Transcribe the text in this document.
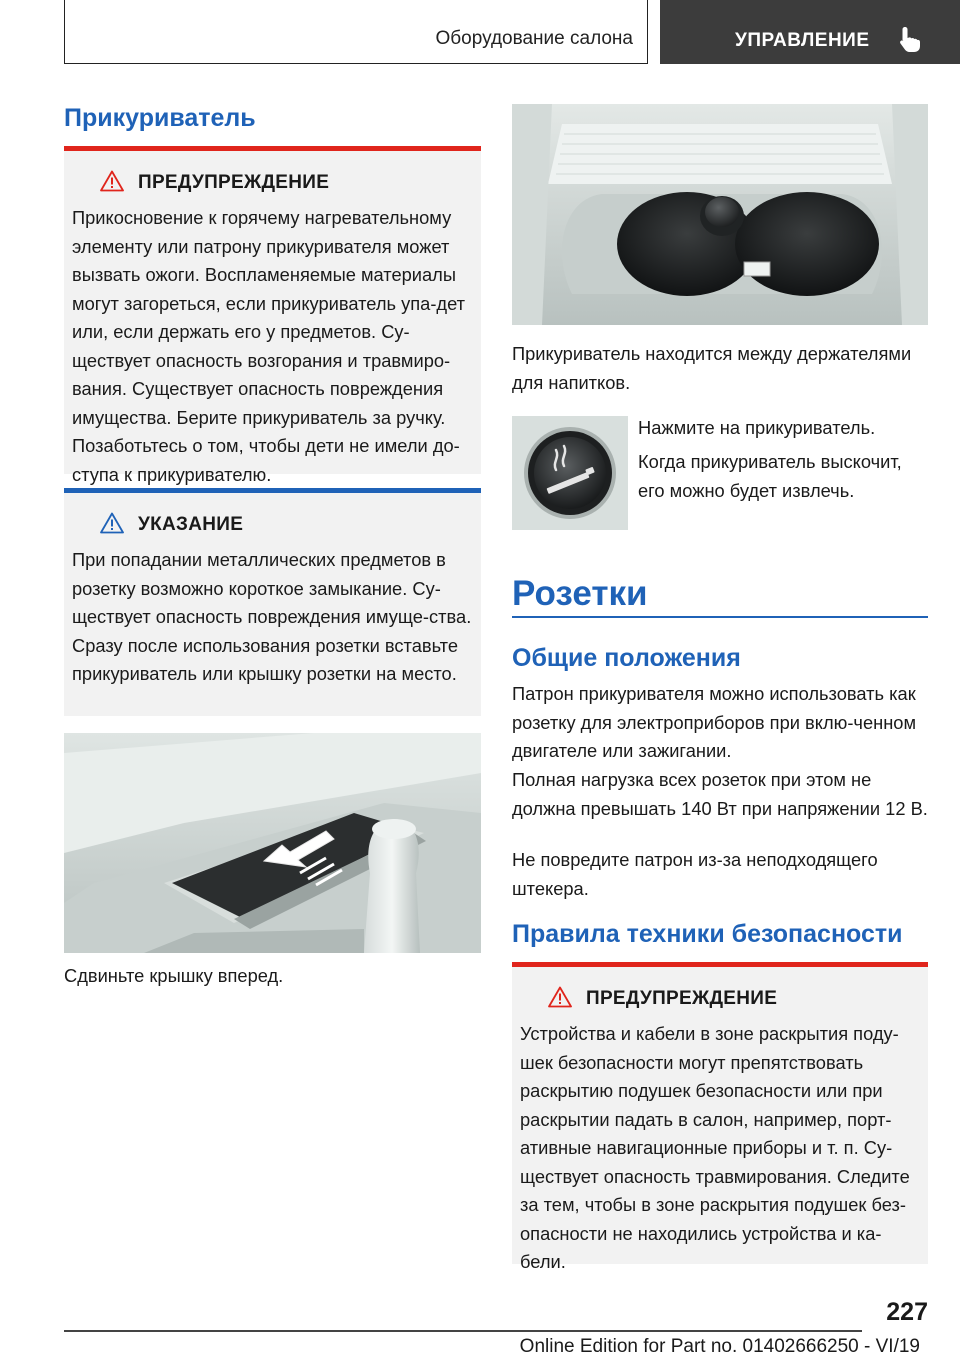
Оборудование салона	УПРАВЛЕНИЕ
Прикуриватель
ПРЕДУПРЕЖДЕНИЕ
Прикосновение к горячему нагревательному элементу или патрону прикуривателя может вызвать ожоги. Воспламеняемые материалы могут загореться, если прикуриватель упа-дет или, если держать его у предметов. Су-ществует опасность возгорания и травмиро-вания. Существует опасность повреждения имущества. Берите прикуриватель за ручку. Позаботьтесь о том, чтобы дети не имели до-ступа к прикуривателю.
УКАЗАНИЕ
При попадании металлических предметов в розетку возможно короткое замыкание. Су-ществует опасность повреждения имуще-ства. Сразу после использования розетки вставьте прикуриватель или крышку розетки на место.
Сдвиньте крышку вперед.
Прикуриватель находится между держателями для напитков.
Нажмите на прикуриватель.
Когда прикуриватель выскочит, его можно будет извлечь.
Розетки
Общие положения
Патрон прикуривателя можно использовать как розетку для электроприборов при вклю-ченном двигателе или зажигании.
Полная нагрузка всех розеток при этом не должна превышать 140 Вт при напряжении 12 В.
Не повредите патрон из-за неподходящего штекера.
Правила техники безопасности
ПРЕДУПРЕЖДЕНИЕ
Устройства и кабели в зоне раскрытия поду-шек безопасности могут препятствовать раскрытию подушек безопасности или при раскрытии падать в салон, например, порт-ативные навигационные приборы и т. п. Су-ществует опасность травмирования. Следите за тем, чтобы в зоне раскрытия подушек без-опасности не находились устройства и ка-бели.
227
Online Edition for Part no. 01402666250 - VI/19
